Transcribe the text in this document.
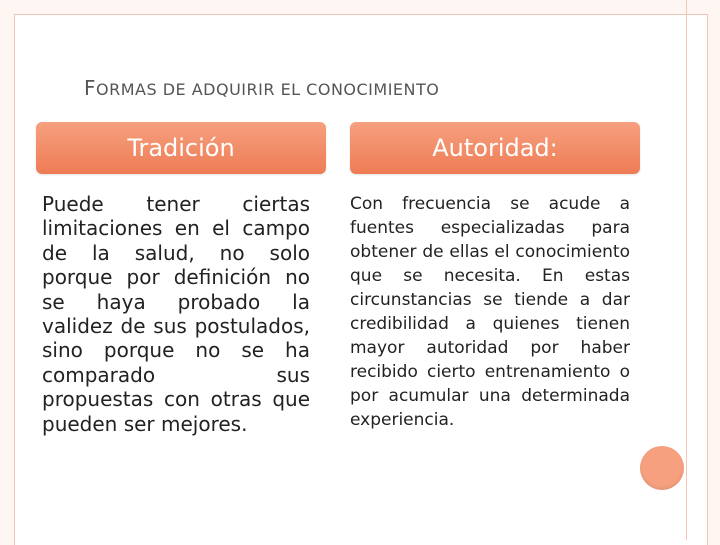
FORMAS DE ADQUIRIR EL CONOCIMIENTO
Tradición	Autoridad:
Puede tener ciertas limitaciones en el campo de la salud, no solo porque por definición no se haya probado la validez de sus postulados, sino porque no se ha comparado sus propuestas con otras que pueden ser mejores.
Con frecuencia se acude a fuentes especializadas para obtener de ellas el conocimiento que se necesita. En estas circunstancias se tiende a dar credibilidad a quienes tienen mayor autoridad por haber recibido cierto entrenamiento o por acumular una determinada experiencia.
